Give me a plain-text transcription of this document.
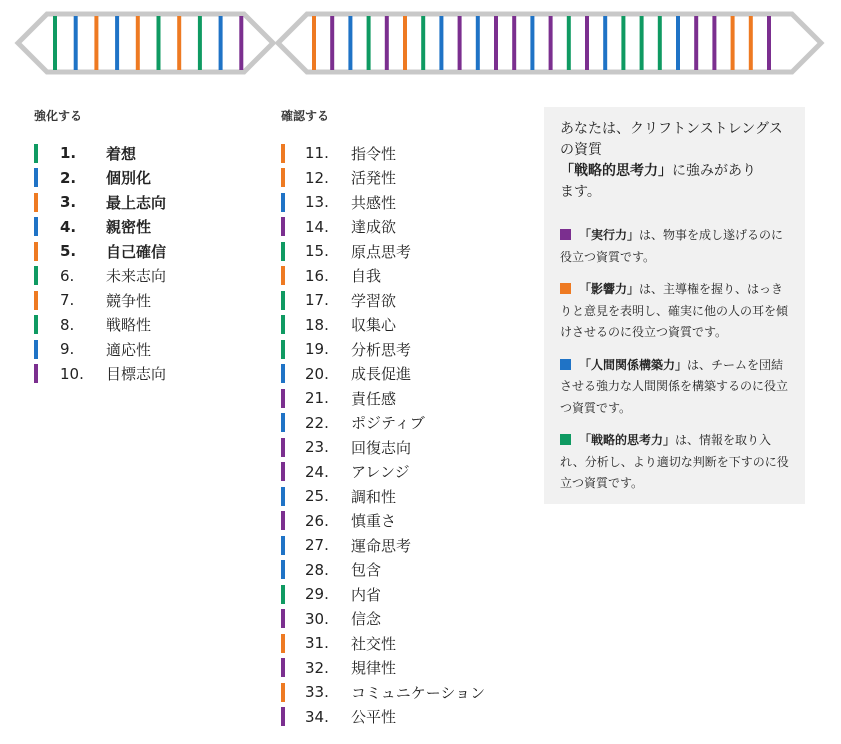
強化する	確認する
1.	着想
2.	個別化
3.	最上志向
4.	親密性
5.	自己確信
6.	未来志向
7.	競争性
8.	戦略性
9.	適応性
10.	目標志向
11.	指令性
12.	活発性
13.	共感性
14.	達成欲
15.	原点思考
16.	自我
17.	学習欲
18.	収集心
19.	分析思考
20.	成長促進
21.	責任感
22.	ポジティブ
23.	回復志向
24.	アレンジ
25.	調和性
26.	慎重さ
27.	運命思考
28.	包含
29.	内省
30.	信念
31.	社交性
32.	規律性
33.	コミュニケーション
34.	公平性

あなたは、クリフトンストレングス
の資質
「戦略的思考力」に強みがあり
ます。

「実行力」は、物事を成し遂げるのに役立つ資質です。

「影響力」は、主導権を握り、はっきりと意見を表明し、確実に他の人の耳を傾けさせるのに役立つ資質です。

「人間関係構築力」は、チームを団結させる強力な人間関係を構築するのに役立つ資質です。

「戦略的思考力」は、情報を取り入れ、分析し、より適切な判断を下すのに役立つ資質です。
